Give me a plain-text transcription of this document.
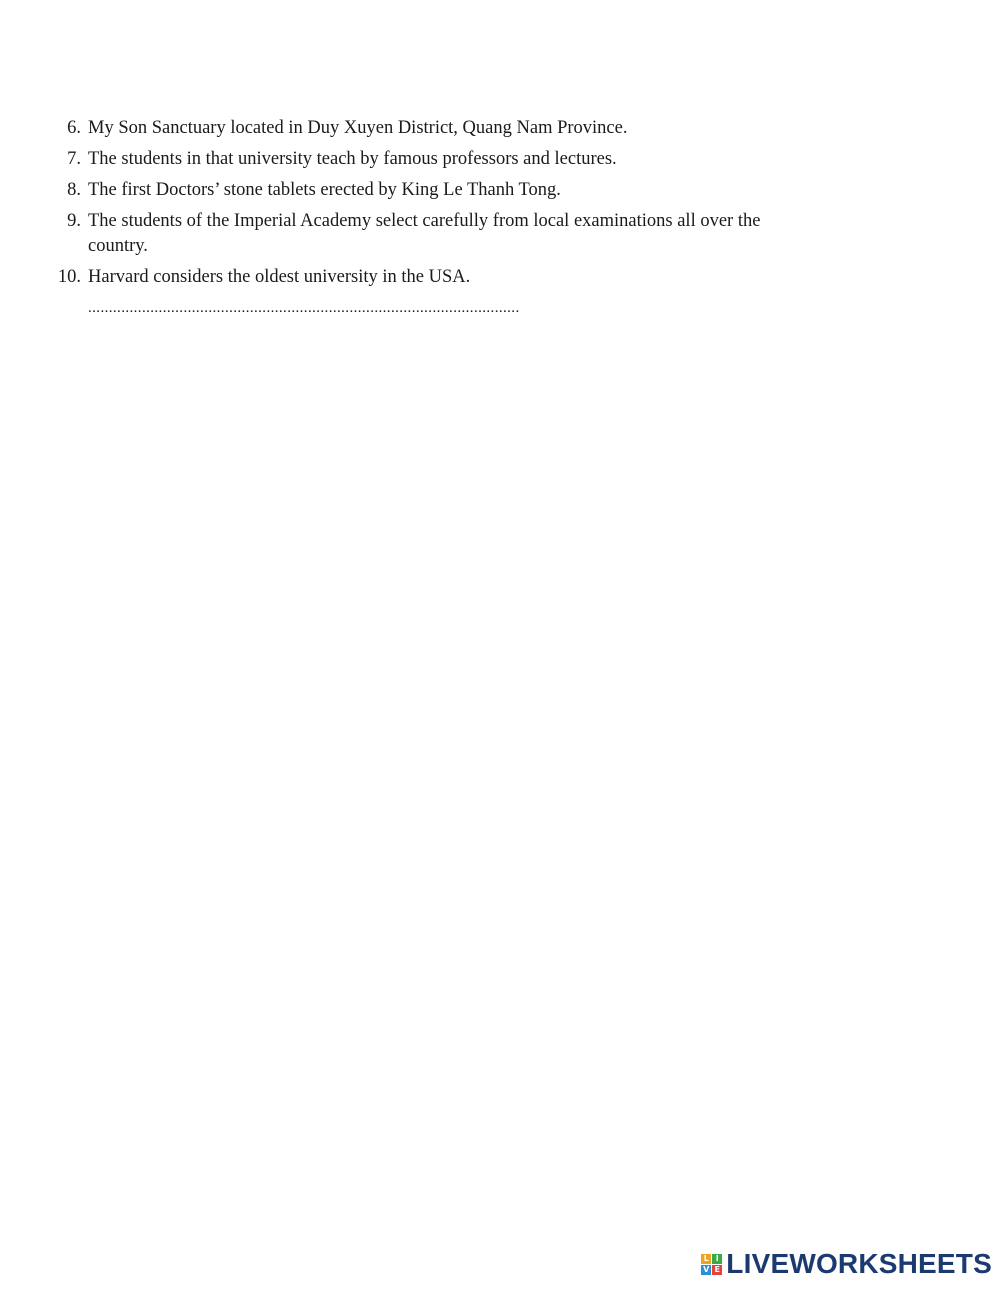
6. My Son Sanctuary located in Duy Xuyen District, Quang Nam Province.
7. The students in that university teach by famous professors and lectures.
8. The first Doctors’ stone tablets erected by King Le Thanh Tong.
9. The students of the Imperial Academy select carefully from local examinations all over the country.
10. Harvard considers the oldest university in the USA.
........................................................................................................
L I
V E LIVEWORKSHEETS
